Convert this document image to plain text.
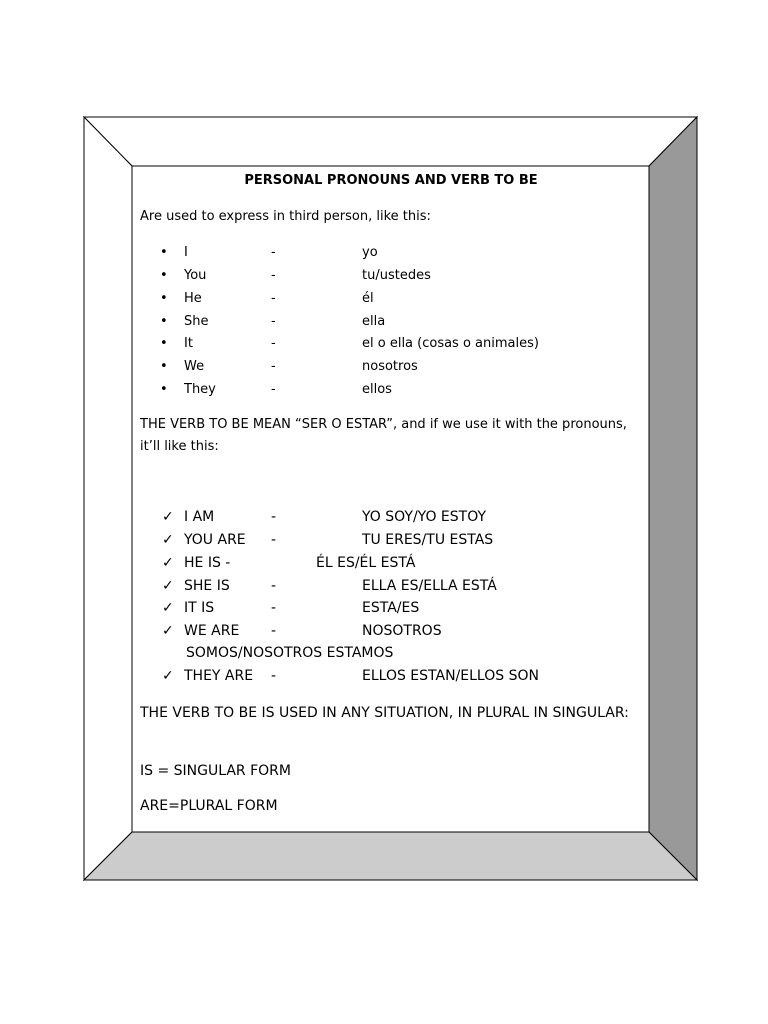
PERSONAL PRONOUNS AND VERB TO BE
Are used to express in third person, like this:
•	I	-	yo
•	You	-	tu/ustedes
•	He	-	él
•	She	-	ella
•	It	-	el o ella (cosas o animales)
•	We	-	nosotros
•	They	-	ellos
THE VERB TO BE MEAN “SER O ESTAR”, and if we use it with the pronouns, it’ll like this:
✓ I AM	-	YO SOY/YO ESTOY
✓ YOU ARE -	TU ERES/TU ESTAS
✓ HE IS -	ÉL ES/ÉL ESTÁ
✓ SHE IS	-	ELLA ES/ELLA ESTÁ
✓ IT IS	-	ESTA/ES
✓ WE ARE -	NOSOTROS
SOMOS/NOSOTROS ESTAMOS
✓ THEY ARE -	ELLOS ESTAN/ELLOS SON
THE VERB TO BE IS USED IN ANY SITUATION, IN PLURAL IN SINGULAR:
IS = SINGULAR FORM
ARE=PLURAL FORM
